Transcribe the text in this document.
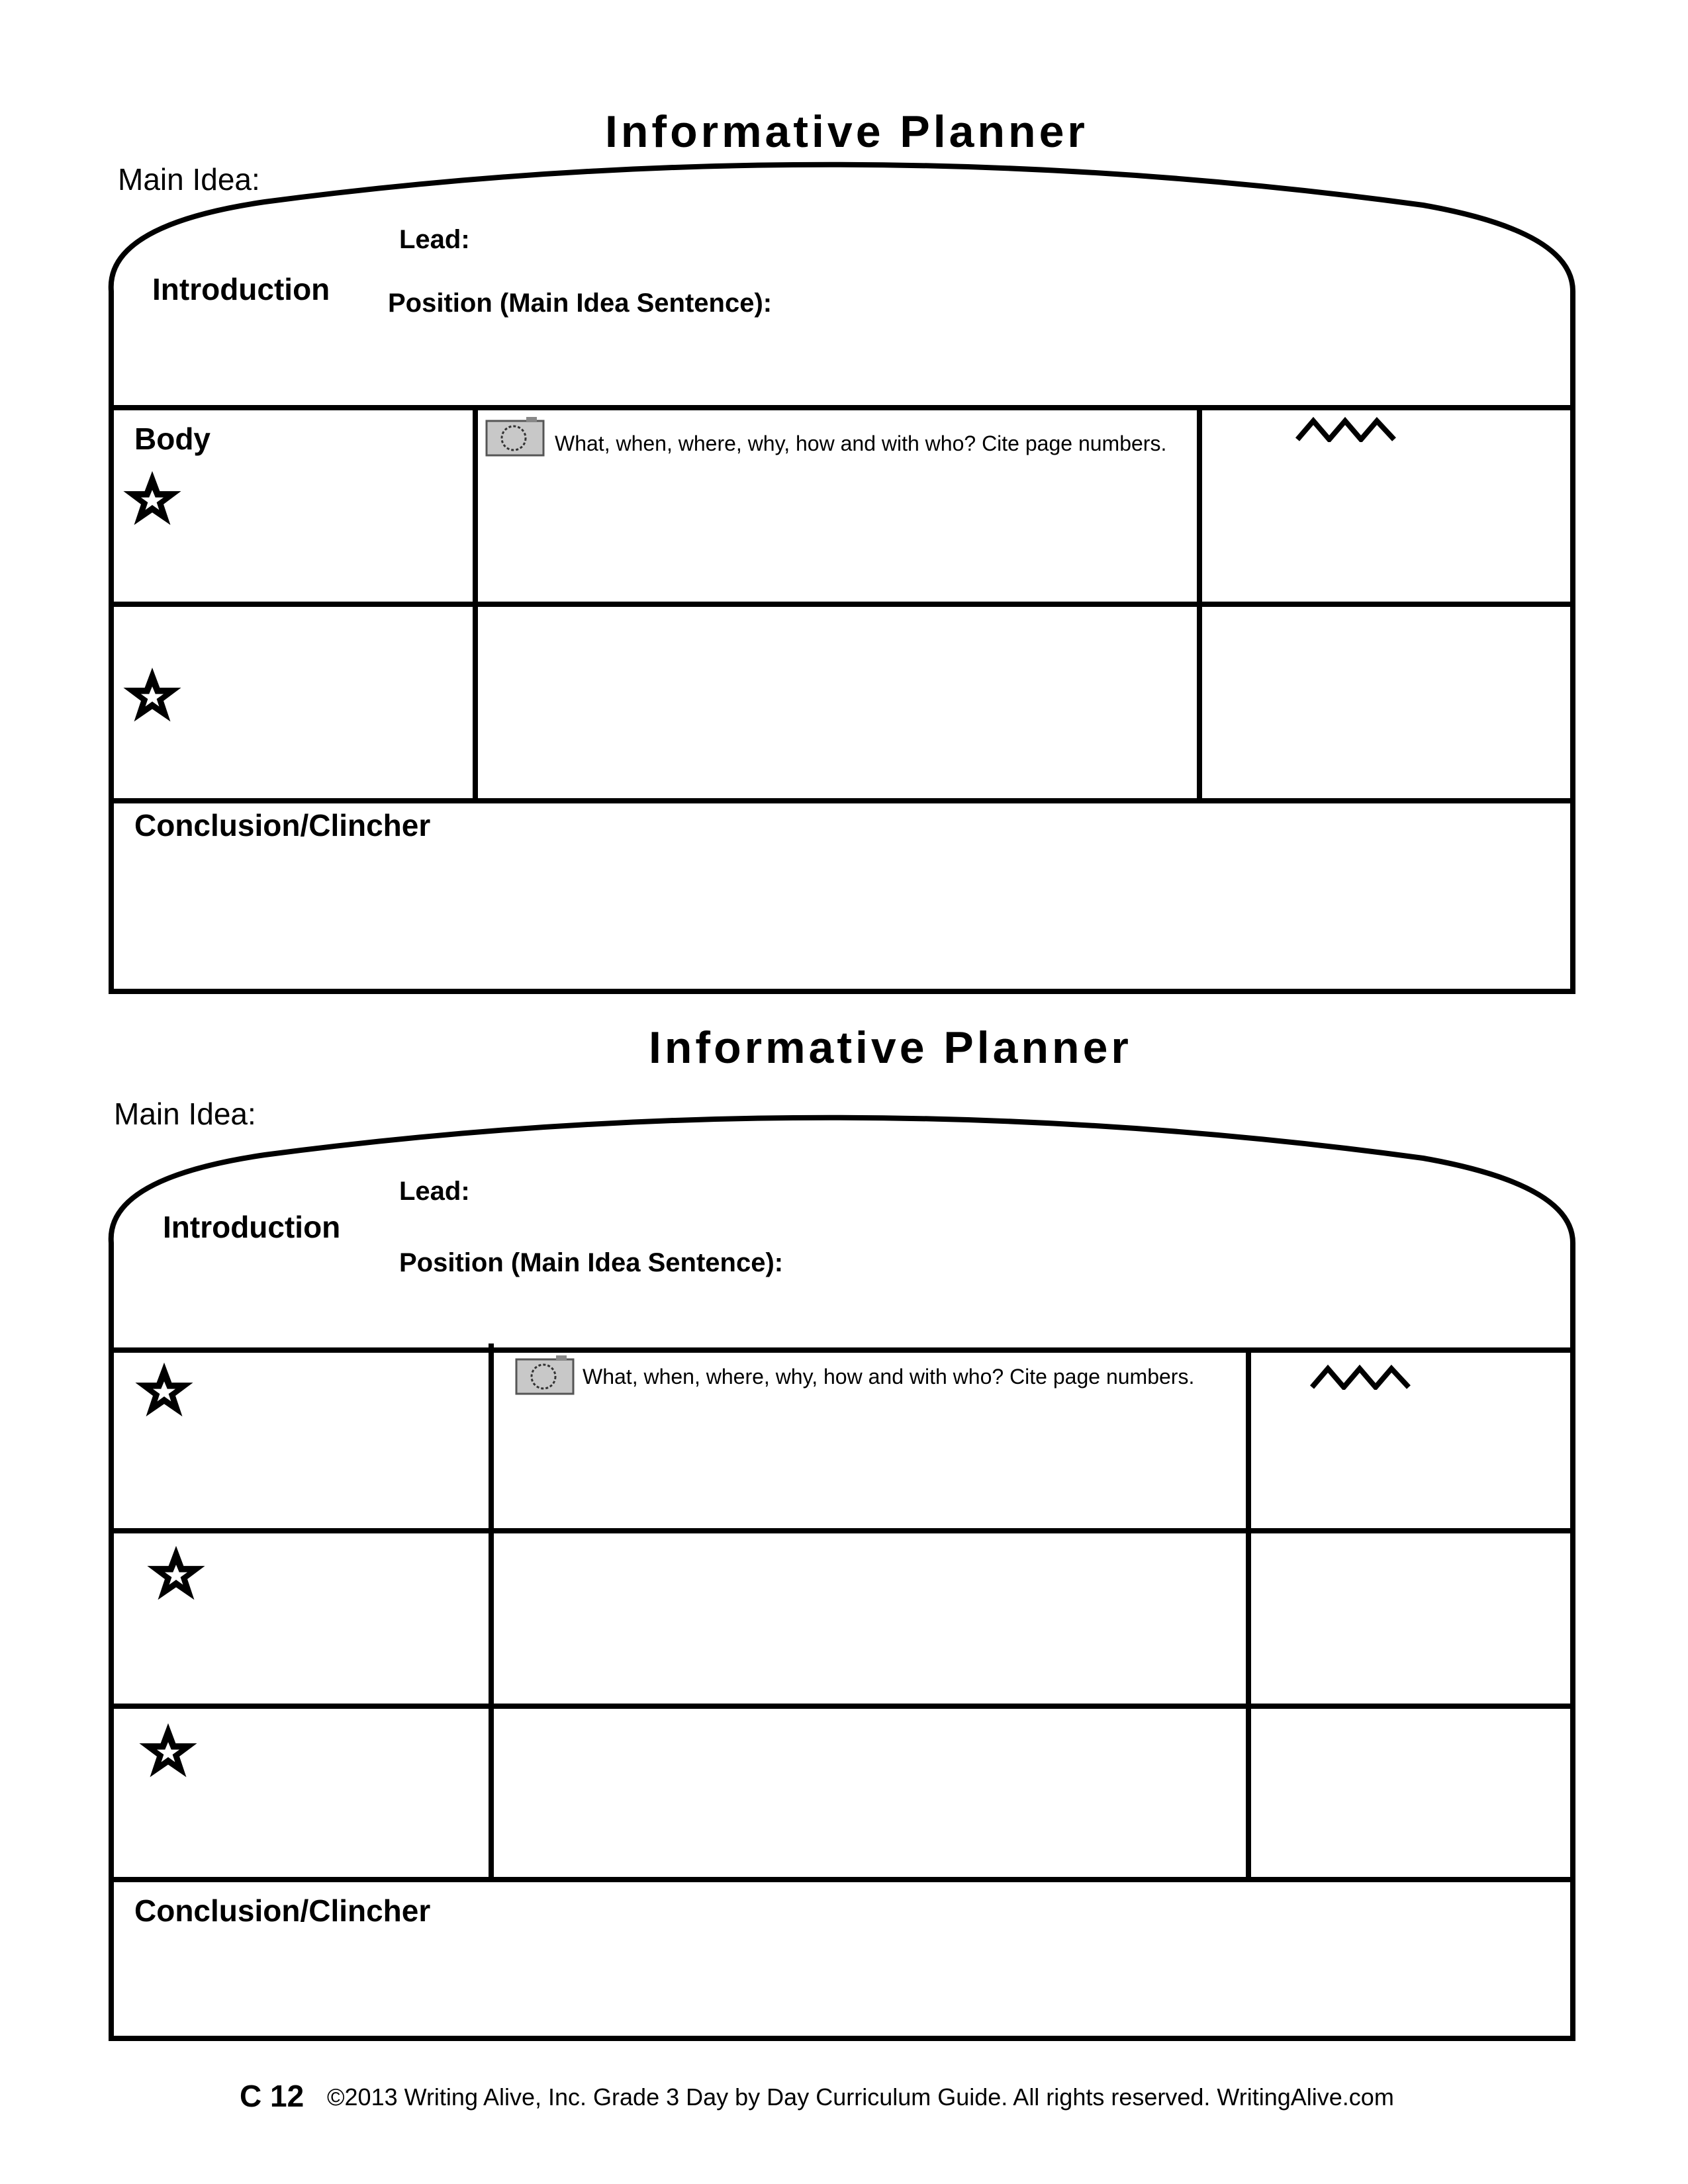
Informative Planner
Main Idea:
Lead:
Introduction Position (Main Idea Sentence):
Body	What, when, where, why, how and with who? Cite page numbers.
Conclusion/Clincher
Informative Planner
Main Idea:
Lead:
Introduction
Position (Main Idea Sentence):
What, when, where, why, how and with who? Cite page numbers.
Conclusion/Clincher
C 12 ©2013 Writing Alive, Inc. Grade 3 Day by Day Curriculum Guide. All rights reserved. WritingAlive.com
